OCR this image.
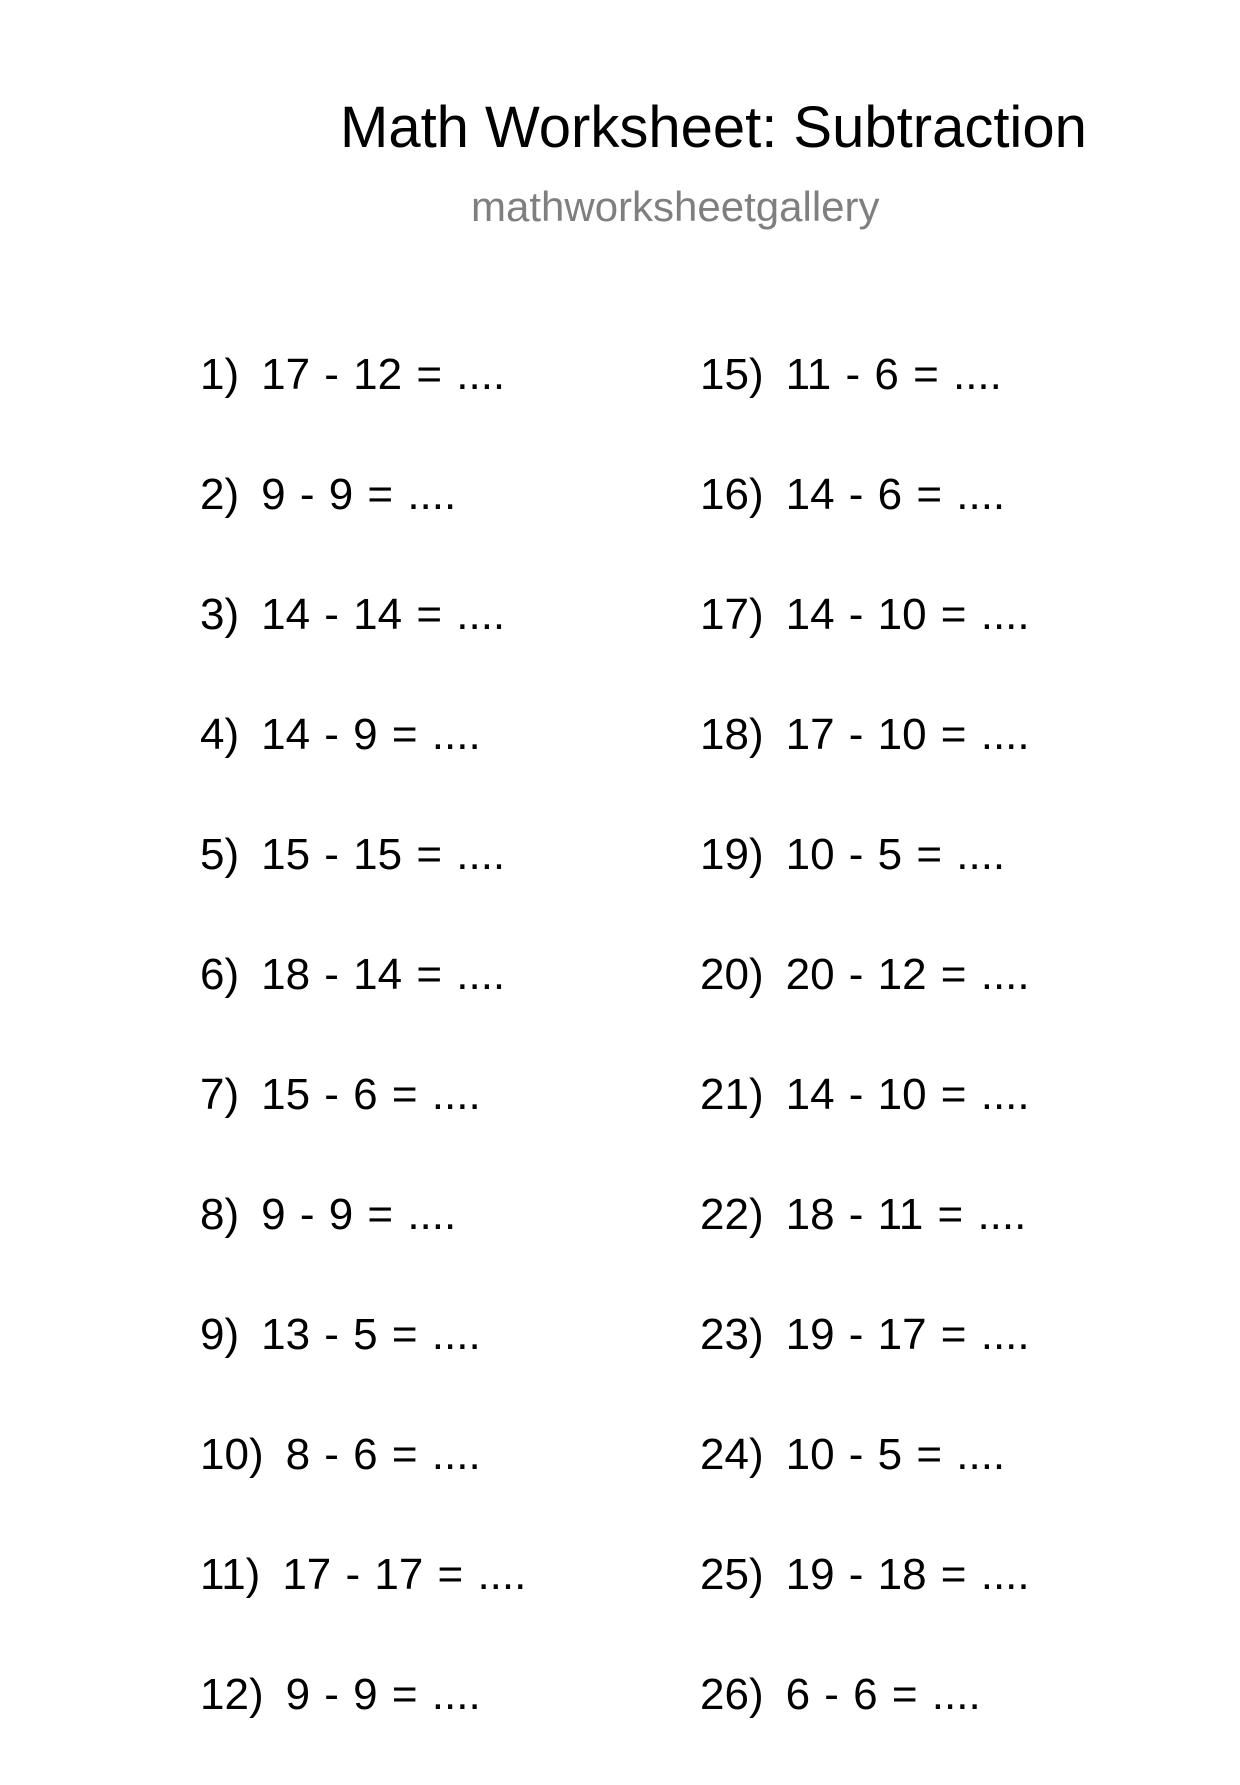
Math Worksheet: Subtraction
mathworksheetgallery
1) 17 - 12 = ....
2) 9 - 9 = ....
3) 14 - 14 = ....
4) 14 - 9 = ....
5) 15 - 15 = ....
6) 18 - 14 = ....
7) 15 - 6 = ....
8) 9 - 9 = ....
9) 13 - 5 = ....
10) 8 - 6 = ....
11) 17 - 17 = ....
12) 9 - 9 = ....
15) 11 - 6 = ....
16) 14 - 6 = ....
17) 14 - 10 = ....
18) 17 - 10 = ....
19) 10 - 5 = ....
20) 20 - 12 = ....
21) 14 - 10 = ....
22) 18 - 11 = ....
23) 19 - 17 = ....
24) 10 - 5 = ....
25) 19 - 18 = ....
26) 6 - 6 = ....
